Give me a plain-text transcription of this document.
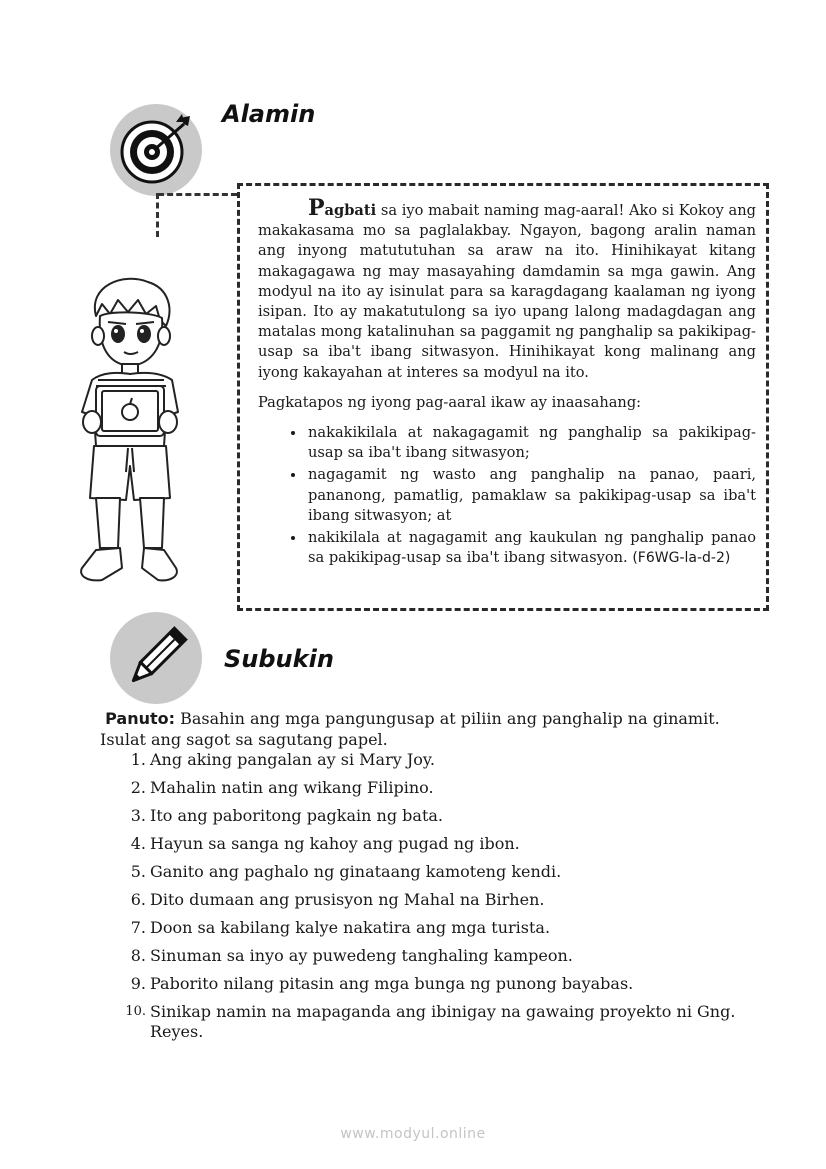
Alamin

Pagbati sa iyo mabait naming mag-aaral! Ako si Kokoy ang makakasama mo sa paglalakbay. Ngayon, bagong aralin naman ang inyong matututuhan sa araw na ito. Hinihikayat kitang makagagawa ng may masayahing damdamin sa mga gawin. Ang modyul na ito ay isinulat para sa karagdagang kaalaman ng iyong isipan. Ito ay makatutulong sa iyo upang lalong madagdagan ang matalas mong katalinuhan sa paggamit ng panghalip sa pakikipag-usap sa iba't ibang sitwasyon. Hinihikayat kong malinang ang iyong kakayahan at interes sa modyul na ito.

Pagkatapos ng iyong pag-aaral ikaw ay inaasahang:

• nakakikilala at nakagagamit ng panghalip sa pakikipag-usap sa iba't ibang sitwasyon;
• nagagamit ng wasto ang panghalip na panao, paari, pananong, pamatlig, pamaklaw sa pakikipag-usap sa iba't ibang sitwasyon; at
• nakikilala at nagagamit ang kaukulan ng panghalip panao sa pakikipag-usap sa iba't ibang sitwasyon. (F6WG-la-d-2)
Subukin
Panuto: Basahin ang mga pangungusap at piliin ang panghalip na ginamit. Isulat ang sagot sa sagutang papel.
1. Ang aking pangalan ay si Mary Joy.
2. Mahalin natin ang wikang Filipino.
3. Ito ang paboritong pagkain ng bata.
4. Hayun sa sanga ng kahoy ang pugad ng ibon.
5. Ganito ang paghalo ng ginataang kamoteng kendi.
6. Dito dumaan ang prusisyon ng Mahal na Birhen.
7. Doon sa kabilang kalye nakatira ang mga turista.
8. Sinuman sa inyo ay puwedeng tanghaling kampeon.
9. Paborito nilang pitasin ang mga bunga ng punong bayabas.
10. Sinikap namin na mapaganda ang ibinigay na gawaing proyekto ni Gng. Reyes.
www.modyul.online
